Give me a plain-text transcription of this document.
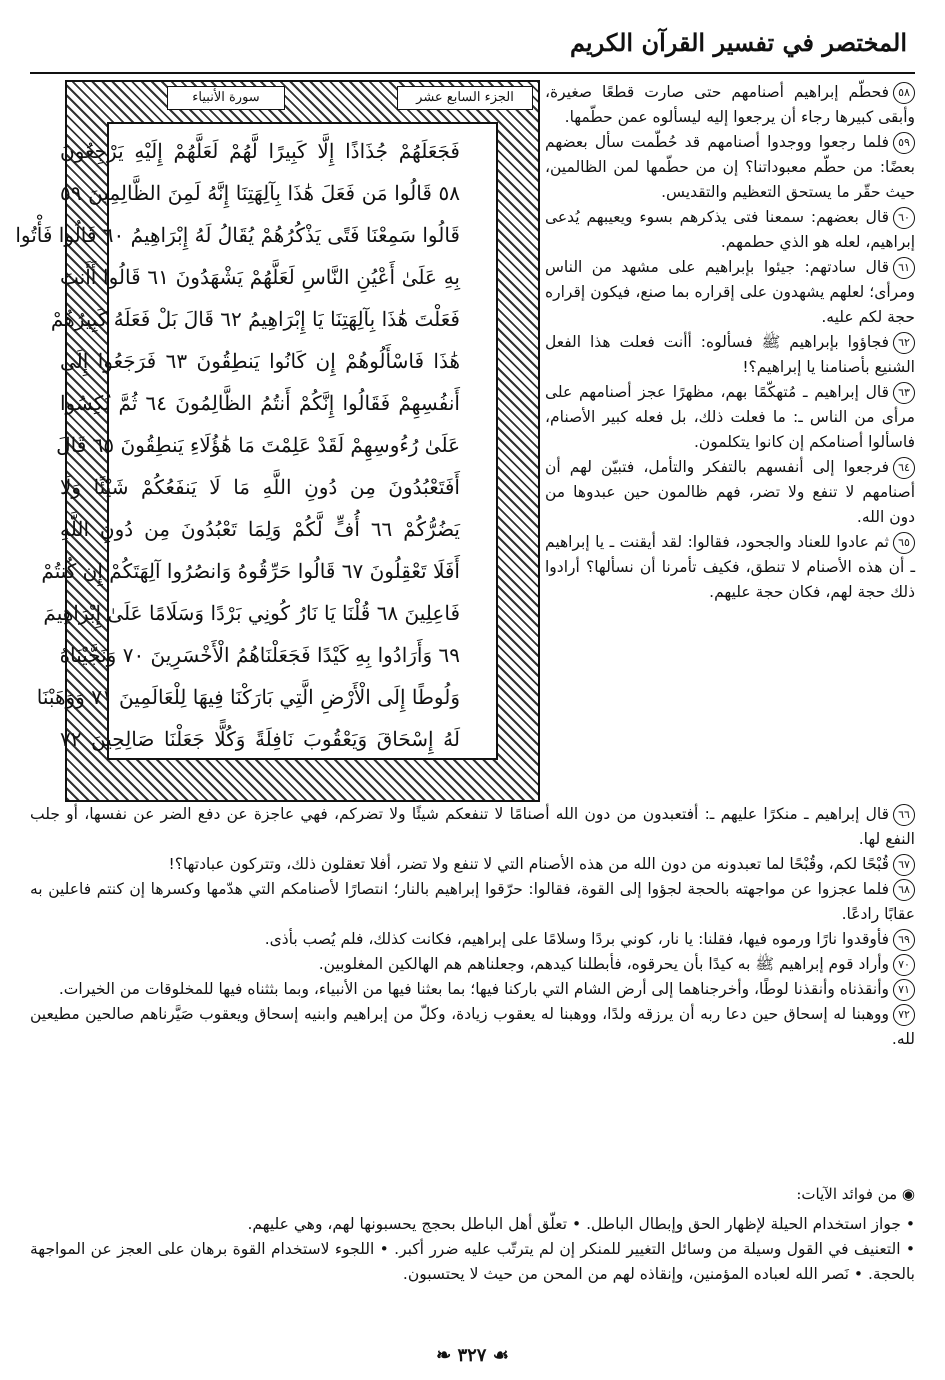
المختصر في تفسير القرآن الكريم
الجزء السابع عشر
سورة الأنبياء
فَجَعَلَهُمْ جُذَاذًا إِلَّا كَبِيرًا لَّهُمْ لَعَلَّهُمْ إِلَيْهِ يَرْجِعُونَ
٥٨ قَالُوا مَن فَعَلَ هَٰذَا بِآلِهَتِنَا إِنَّهُ لَمِنَ الظَّالِمِينَ ٥٩
قَالُوا سَمِعْنَا فَتًى يَذْكُرُهُمْ يُقَالُ لَهُ إِبْرَاهِيمُ ٦٠ قَالُوا فَأْتُوا
بِهِ عَلَىٰ أَعْيُنِ النَّاسِ لَعَلَّهُمْ يَشْهَدُونَ ٦١ قَالُوا أَأَنتَ
فَعَلْتَ هَٰذَا بِآلِهَتِنَا يَا إِبْرَاهِيمُ ٦٢ قَالَ بَلْ فَعَلَهُ كَبِيرُهُمْ
هَٰذَا فَاسْأَلُوهُمْ إِن كَانُوا يَنطِقُونَ ٦٣ فَرَجَعُوا إِلَىٰ
أَنفُسِهِمْ فَقَالُوا إِنَّكُمْ أَنتُمُ الظَّالِمُونَ ٦٤ ثُمَّ نُكِسُوا
عَلَىٰ رُءُوسِهِمْ لَقَدْ عَلِمْتَ مَا هَٰؤُلَاءِ يَنطِقُونَ ٦٥ قَالَ
أَفَتَعْبُدُونَ مِن دُونِ اللَّهِ مَا لَا يَنفَعُكُمْ شَيْئًا وَلَا
يَضُرُّكُمْ ٦٦ أُفٍّ لَّكُمْ وَلِمَا تَعْبُدُونَ مِن دُونِ اللَّهِ
أَفَلَا تَعْقِلُونَ ٦٧ قَالُوا حَرِّقُوهُ وَانصُرُوا آلِهَتَكُمْ إِن كُنتُمْ
فَاعِلِينَ ٦٨ قُلْنَا يَا نَارُ كُونِي بَرْدًا وَسَلَامًا عَلَىٰ إِبْرَاهِيمَ
٦٩ وَأَرَادُوا بِهِ كَيْدًا فَجَعَلْنَاهُمُ الْأَخْسَرِينَ ٧٠ وَنَجَّيْنَاهُ
وَلُوطًا إِلَى الْأَرْضِ الَّتِي بَارَكْنَا فِيهَا لِلْعَالَمِينَ ٧١ وَوَهَبْنَا
لَهُ إِسْحَاقَ وَيَعْقُوبَ نَافِلَةً وَكُلًّا جَعَلْنَا صَالِحِينَ ٧٢

٥٨فحطّم إبراهيم أصنامهم حتى صارت قطعًا صغيرة، وأبقى كبيرها رجاء أن يرجعوا إليه ليسألوه عمن حطّمها.

٥٩فلما رجعوا ووجدوا أصنامهم قد حُطّمت سأل بعضهم بعضًا: من حطّم معبوداتنا؟ إن من حطّمها لمن الظالمين، حيث حقّر ما يستحق التعظيم والتقديس.

٦٠قال بعضهم: سمعنا فتى يذكرهم بسوء ويعيبهم يُدعى إبراهيم، لعله هو الذي حطمهم.

٦١قال سادتهم: جيئوا بإبراهيم على مشهد من الناس ومرأى؛ لعلهم يشهدون على إقراره بما صنع، فيكون إقراره حجة لكم عليه.

٦٢فجاؤوا بإبراهيم ﷺ فسألوه: أأنت فعلت هذا الفعل الشنيع بأصنامنا يا إبراهيم؟!

٦٣قال إبراهيم ـ مُتهكّمًا بهم، مظهرًا عجز أصنامهم على مرأى من الناس ـ: ما فعلت ذلك، بل فعله كبير الأصنام، فاسألوا أصنامكم إن كانوا يتكلمون.

٦٤فرجعوا إلى أنفسهم بالتفكر والتأمل، فتبيّن لهم أن أصنامهم لا تنفع ولا تضر، فهم ظالمون حين عبدوها من دون الله.

٦٥ثم عادوا للعناد والجحود، فقالوا: لقد أيقنت ـ يا إبراهيم ـ أن هذه الأصنام لا تنطق، فكيف تأمرنا أن نسألها؟ أرادوا ذلك حجة لهم، فكان حجة عليهم.

٦٦قال إبراهيم ـ منكرًا عليهم ـ: أفتعبدون من دون الله أصنامًا لا تنفعكم شيئًا ولا تضركم، فهي عاجزة عن دفع الضر عن نفسها، أو جلب النفع لها.

٦٧قُبْحًا لكم، وقُبْحًا لما تعبدونه من دون الله من هذه الأصنام التي لا تنفع ولا تضر، أفلا تعقلون ذلك، وتتركون عبادتها؟!

٦٨فلما عجزوا عن مواجهته بالحجة لجؤوا إلى القوة، فقالوا: حرّقوا إبراهيم بالنار؛ انتصارًا لأصنامكم التي هدّمها وكسرها إن كنتم فاعلين به عقابًا رادعًا.

٦٩فأوقدوا نارًا ورموه فيها، فقلنا: يا نار، كوني بردًا وسلامًا على إبراهيم، فكانت كذلك، فلم يُصب بأذى.

٧٠وأراد قوم إبراهيم ﷺ به كيدًا بأن يحرقوه، فأبطلنا كيدهم، وجعلناهم هم الهالكين المغلوبين.

٧١وأنقذناه وأنقذنا لوطًا، وأخرجناهما إلى أرض الشام التي باركنا فيها؛ بما بعثنا فيها من الأنبياء، وبما بثثناه فيها للمخلوقات من الخيرات.

٧٢ووهبنا له إسحاق حين دعا ربه أن يرزقه ولدًا، ووهبنا له يعقوب زيادة، وكلّ من إبراهيم وابنيه إسحاق ويعقوب صَيَّرناهم صالحين مطيعين لله.

◉ من فوائد الآيات:

• جواز استخدام الحيلة لإظهار الحق وإبطال الباطل. • تعلّق أهل الباطل بحجج يحسبونها لهم، وهي عليهم.

• التعنيف في القول وسيلة من وسائل التغيير للمنكر إن لم يترتّب عليه ضرر أكبر. • اللجوء لاستخدام القوة برهان على العجز عن المواجهة بالحجة. • نَصر الله لعباده المؤمنين، وإنقاذه لهم من المحن من حيث لا يحتسبون.

❧ ٣٢٧ ☙
